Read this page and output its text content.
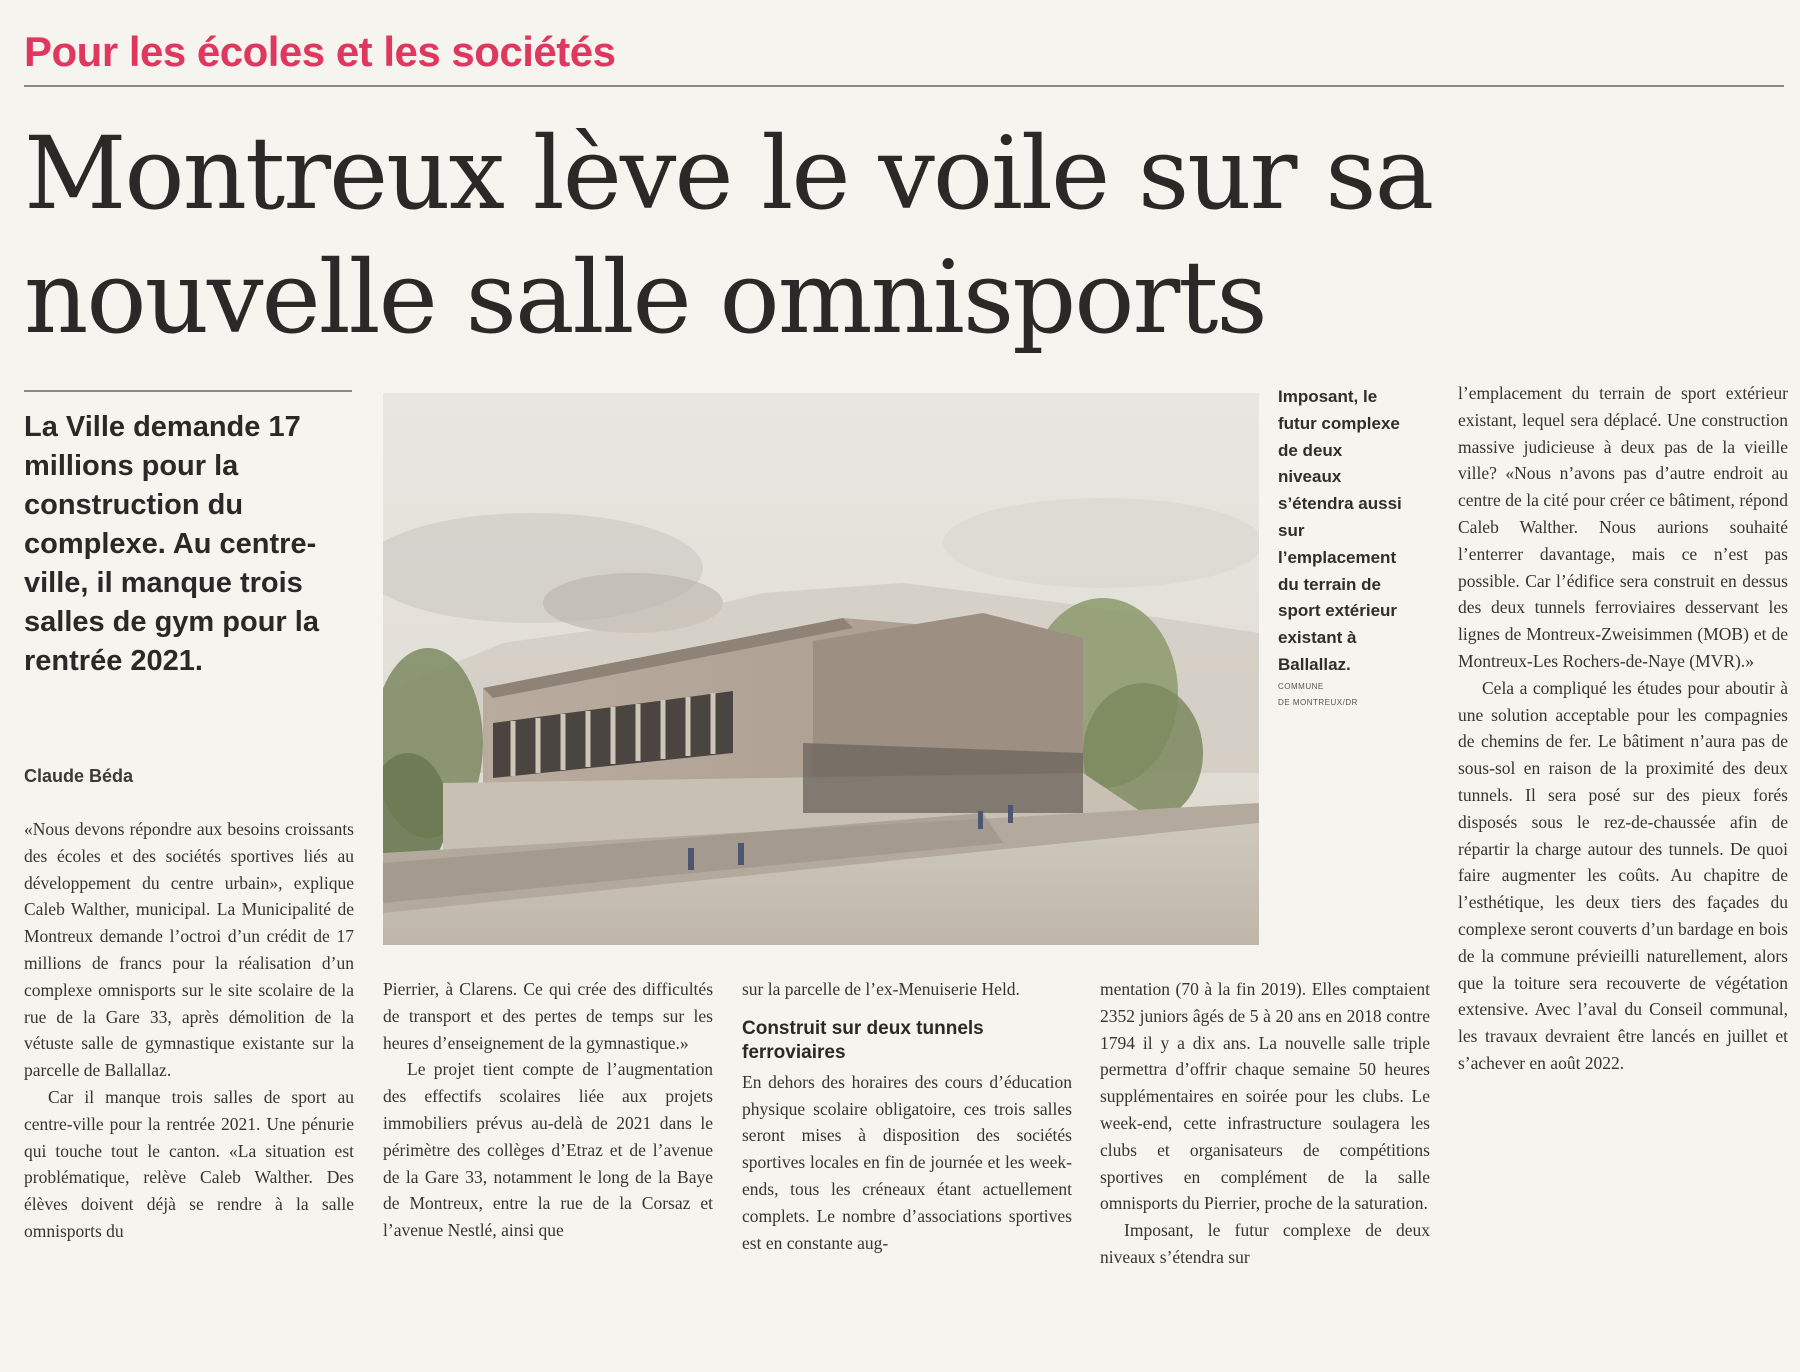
Pour les écoles et les sociétés
Montreux lève le voile sur sa nouvelle salle omnisports
La Ville demande 17 millions pour la construction du complexe. Au centre-ville, il manque trois salles de gym pour la rentrée 2021.
Claude Béda

«Nous devons répondre aux besoins croissants des écoles et des sociétés sportives liés au développement du centre urbain», explique Caleb Walther, municipal. La Municipalité de Montreux demande l’octroi d’un crédit de 17 millions de francs pour la réalisation d’un complexe omnisports sur le site scolaire de la rue de la Gare 33, après démolition de la vétuste salle de gymnastique existante sur la parcelle de Ballallaz.

Car il manque trois salles de sport au centre-ville pour la rentrée 2021. Une pénurie qui touche tout le canton. «La situation est problématique, relève Caleb Walther. Des élèves doivent déjà se rendre à la salle omnisports du

Imposant, le futur complexe de deux niveaux s’étendra aussi sur l’emplacement du terrain de sport extérieur existant à Ballallaz.
COMMUNE
DE MONTREUX/DR

Pierrier, à Clarens. Ce qui crée des difficultés de transport et des pertes de temps sur les heures d’enseignement de la gymnastique.»

Le projet tient compte de l’augmentation des effectifs scolaires liée aux projets immobiliers prévus au-delà de 2021 dans le périmètre des collèges d’Etraz et de l’avenue de la Gare 33, notamment le long de la Baye de Montreux, entre la rue de la Corsaz et l’avenue Nestlé, ainsi que

sur la parcelle de l’ex-Menuiserie Held.

Construit sur deux tunnels ferroviaires

En dehors des horaires des cours d’éducation physique scolaire obligatoire, ces trois salles seront mises à disposition des sociétés sportives locales en fin de journée et les week-ends, tous les créneaux étant actuellement complets. Le nombre d’associations sportives est en constante aug-

mentation (70 à la fin 2019). Elles comptaient 2352 juniors âgés de 5 à 20 ans en 2018 contre 1794 il y a dix ans. La nouvelle salle triple permettra d’offrir chaque semaine 50 heures supplémentaires en soirée pour les clubs. Le week-end, cette infrastructure soulagera les clubs et organisateurs de compétitions sportives en complément de la salle omnisports du Pierrier, proche de la saturation.

Imposant, le futur complexe de deux niveaux s’étendra sur

l’emplacement du terrain de sport extérieur existant, lequel sera déplacé. Une construction massive judicieuse à deux pas de la vieille ville? «Nous n’avons pas d’autre endroit au centre de la cité pour créer ce bâtiment, répond Caleb Walther. Nous aurions souhaité l’enterrer davantage, mais ce n’est pas possible. Car l’édifice sera construit en dessus des deux tunnels ferroviaires desservant les lignes de Montreux-Zweisimmen (MOB) et de Montreux-Les Rochers-de-Naye (MVR).»

Cela a compliqué les études pour aboutir à une solution acceptable pour les compagnies de chemins de fer. Le bâtiment n’aura pas de sous-sol en raison de la proximité des deux tunnels. Il sera posé sur des pieux forés disposés sous le rez-de-chaussée afin de répartir la charge autour des tunnels. De quoi faire augmenter les coûts. Au chapitre de l’esthétique, les deux tiers des façades du complexe seront couverts d’un bardage en bois de la commune prévieilli naturellement, alors que la toiture sera recouverte de végétation extensive. Avec l’aval du Conseil communal, les travaux devraient être lancés en juillet et s’achever en août 2022.
